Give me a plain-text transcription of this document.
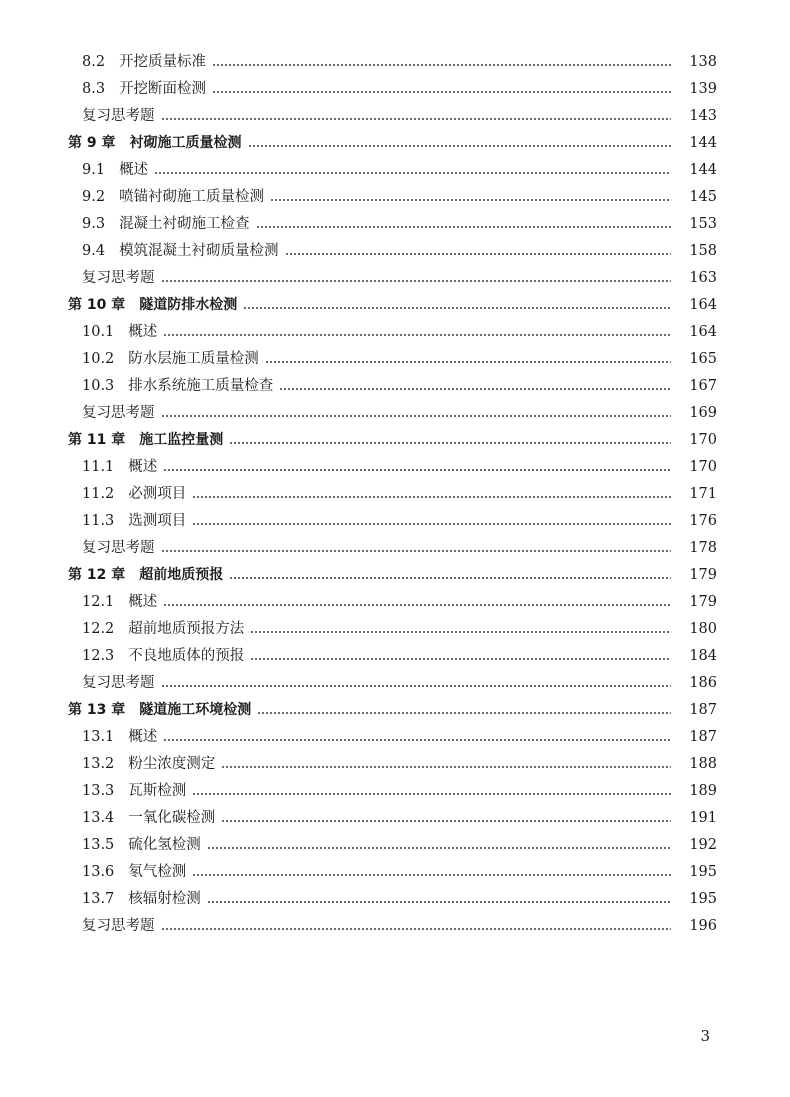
8.2 开挖质量标准	138
8.3 开挖断面检测	139
复习思考题	143
第 9 章 衬砌施工质量检测	144
9.1 概述	144
9.2 喷锚衬砌施工质量检测	145
9.3 混凝土衬砌施工检查	153
9.4 模筑混凝土衬砌质量检测	158
复习思考题	163
第 10 章 隧道防排水检测	164
10.1 概述	164
10.2 防水层施工质量检测	165
10.3 排水系统施工质量检查	167
复习思考题	169
第 11 章 施工监控量测	170
11.1 概述	170
11.2 必测项目	171
11.3 选测项目	176
复习思考题	178
第 12 章 超前地质预报	179
12.1 概述	179
12.2 超前地质预报方法	180
12.3 不良地质体的预报	184
复习思考题	186
第 13 章 隧道施工环境检测	187
13.1 概述	187
13.2 粉尘浓度测定	188
13.3 瓦斯检测	189
13.4 一氧化碳检测	191
13.5 硫化氢检测	192
13.6 氡气检测	195
13.7 核辐射检测	195
复习思考题	196
3
